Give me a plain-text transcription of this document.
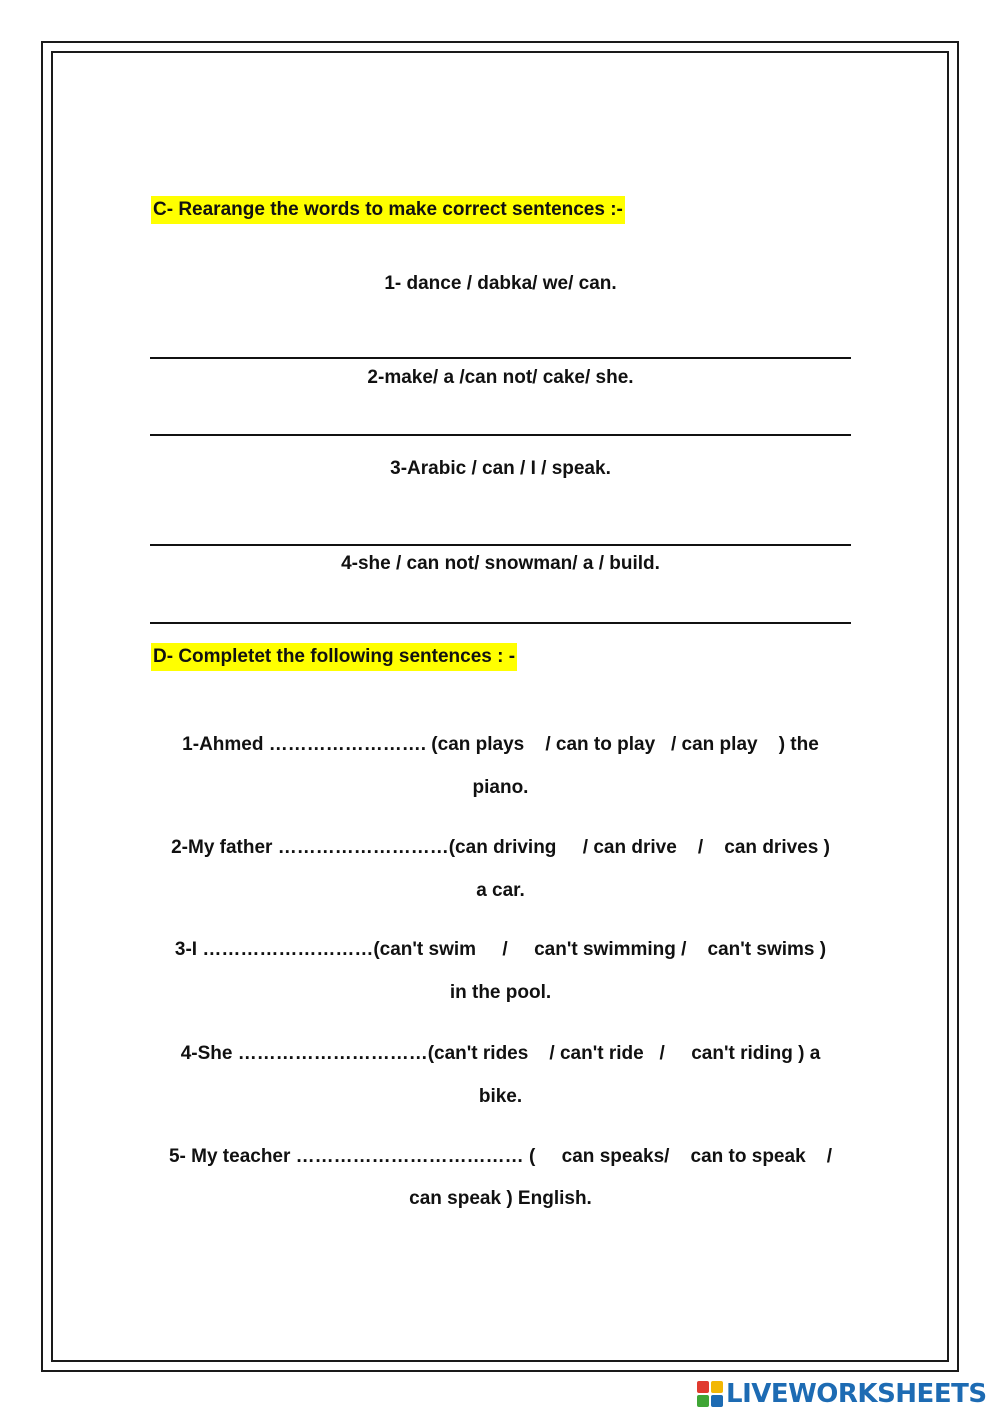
C- Rearange the words to make correct sentences :-
1- dance / dabka/ we/ can.
2-make/ a /can not/ cake/ she.
3-Arabic / can / I / speak.
4-she / can not/ snowman/ a / build.
D- Completet the following sentences : -
1-Ahmed ……………………. (can plays    / can to play   / can play    ) the
piano.
2-My father ………………………(can driving     / can drive    /    can drives )
a car.
3-I ………………………(can't swim     /     can't swimming /    can't swims )
in the pool.
4-She …………………………(can't rides    / can't ride   /     can't riding ) a
bike.
5- My teacher ……………………………… (     can speaks/    can to speak    /
can speak ) English.
LIVEWORKSHEETS
